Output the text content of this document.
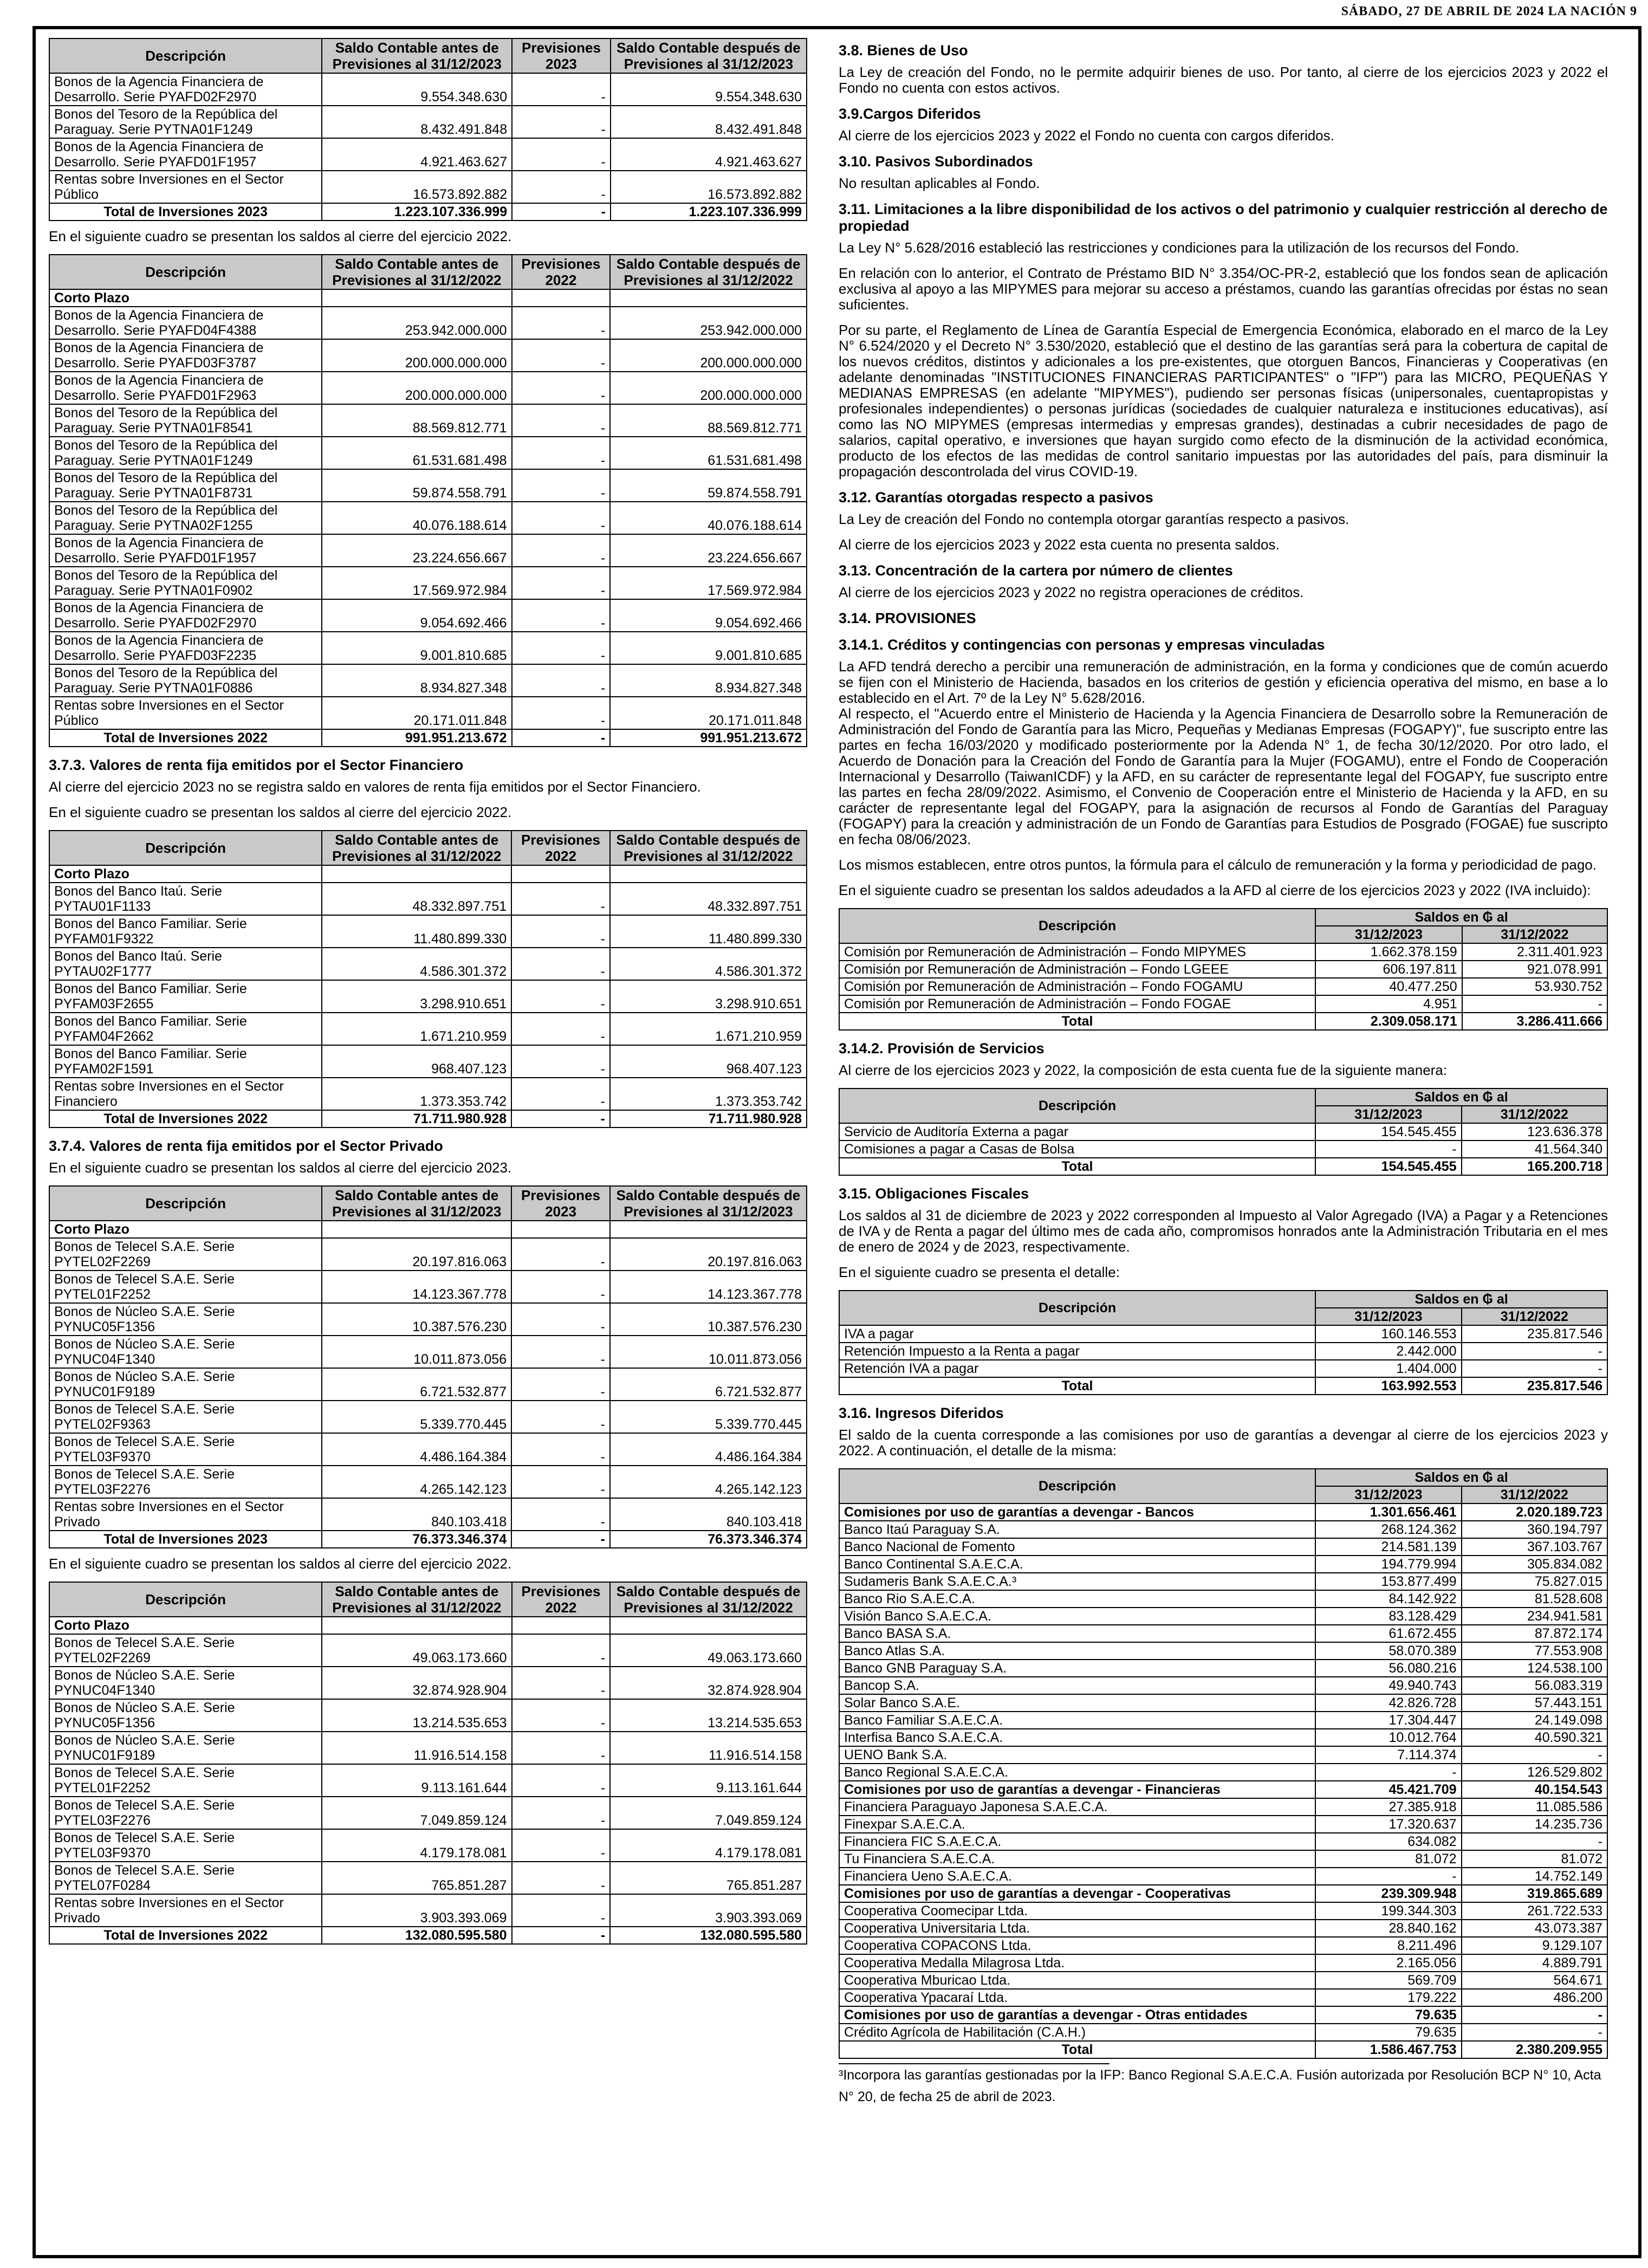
SÁBADO, 27 DE ABRIL DE 2024 LA NACIÓN 9
Descripción	Saldo Contable antes de Previsiones al 31/12/2023	Previsiones 2023	Saldo Contable después de Previsiones al 31/12/2023
Bonos de la Agencia Financiera de Desarrollo. Serie PYAFD02F2970	9.554.348.630	-	9.554.348.630
Bonos del Tesoro de la República del Paraguay. Serie PYTNA01F1249	8.432.491.848	-	8.432.491.848
Bonos de la Agencia Financiera de Desarrollo. Serie PYAFD01F1957	4.921.463.627	-	4.921.463.627
Rentas sobre Inversiones en el Sector Público	16.573.892.882	-	16.573.892.882
Total de Inversiones 2023	1.223.107.336.999	-	1.223.107.336.999

En el siguiente cuadro se presentan los saldos al cierre del ejercicio 2022.

Descripción	Saldo Contable antes de Previsiones al 31/12/2022	Previsiones 2022	Saldo Contable después de Previsiones al 31/12/2022
Corto Plazo			
Bonos de la Agencia Financiera de Desarrollo. Serie PYAFD04F4388	253.942.000.000	-	253.942.000.000
Bonos de la Agencia Financiera de Desarrollo. Serie PYAFD03F3787	200.000.000.000	-	200.000.000.000
Bonos de la Agencia Financiera de Desarrollo. Serie PYAFD01F2963	200.000.000.000	-	200.000.000.000
Bonos del Tesoro de la República del Paraguay. Serie PYTNA01F8541	88.569.812.771	-	88.569.812.771
Bonos del Tesoro de la República del Paraguay. Serie PYTNA01F1249	61.531.681.498	-	61.531.681.498
Bonos del Tesoro de la República del Paraguay. Serie PYTNA01F8731	59.874.558.791	-	59.874.558.791
Bonos del Tesoro de la República del Paraguay. Serie PYTNA02F1255	40.076.188.614	-	40.076.188.614
Bonos de la Agencia Financiera de Desarrollo. Serie PYAFD01F1957	23.224.656.667	-	23.224.656.667
Bonos del Tesoro de la República del Paraguay. Serie PYTNA01F0902	17.569.972.984	-	17.569.972.984
Bonos de la Agencia Financiera de Desarrollo. Serie PYAFD02F2970	9.054.692.466	-	9.054.692.466
Bonos de la Agencia Financiera de Desarrollo. Serie PYAFD03F2235	9.001.810.685	-	9.001.810.685
Bonos del Tesoro de la República del Paraguay. Serie PYTNA01F0886	8.934.827.348	-	8.934.827.348
Rentas sobre Inversiones en el Sector Público	20.171.011.848	-	20.171.011.848
Total de Inversiones 2022	991.951.213.672	-	991.951.213.672
3.7.3. Valores de renta fija emitidos por el Sector Financiero

Al cierre del ejercicio 2023 no se registra saldo en valores de renta fija emitidos por el Sector Financiero.

En el siguiente cuadro se presentan los saldos al cierre del ejercicio 2022.

Descripción	Saldo Contable antes de Previsiones al 31/12/2022	Previsiones 2022	Saldo Contable después de Previsiones al 31/12/2022
Corto Plazo			
Bonos del Banco Itaú. Serie PYTAU01F1133	48.332.897.751	-	48.332.897.751
Bonos del Banco Familiar. Serie PYFAM01F9322	11.480.899.330	-	11.480.899.330
Bonos del Banco Itaú. Serie PYTAU02F1777	4.586.301.372	-	4.586.301.372
Bonos del Banco Familiar. Serie PYFAM03F2655	3.298.910.651	-	3.298.910.651
Bonos del Banco Familiar. Serie PYFAM04F2662	1.671.210.959	-	1.671.210.959
Bonos del Banco Familiar. Serie PYFAM02F1591	968.407.123	-	968.407.123
Rentas sobre Inversiones en el Sector Financiero	1.373.353.742	-	1.373.353.742
Total de Inversiones 2022	71.711.980.928	-	71.711.980.928
3.7.4. Valores de renta fija emitidos por el Sector Privado

En el siguiente cuadro se presentan los saldos al cierre del ejercicio 2023.

Descripción	Saldo Contable antes de Previsiones al 31/12/2023	Previsiones 2023	Saldo Contable después de Previsiones al 31/12/2023
Corto Plazo			
Bonos de Telecel S.A.E. Serie PYTEL02F2269	20.197.816.063	-	20.197.816.063
Bonos de Telecel S.A.E. Serie PYTEL01F2252	14.123.367.778	-	14.123.367.778
Bonos de Núcleo S.A.E. Serie PYNUC05F1356	10.387.576.230	-	10.387.576.230
Bonos de Núcleo S.A.E. Serie PYNUC04F1340	10.011.873.056	-	10.011.873.056
Bonos de Núcleo S.A.E. Serie PYNUC01F9189	6.721.532.877	-	6.721.532.877
Bonos de Telecel S.A.E. Serie PYTEL02F9363	5.339.770.445	-	5.339.770.445
Bonos de Telecel S.A.E. Serie PYTEL03F9370	4.486.164.384	-	4.486.164.384
Bonos de Telecel S.A.E. Serie PYTEL03F2276	4.265.142.123	-	4.265.142.123
Rentas sobre Inversiones en el Sector Privado	840.103.418	-	840.103.418
Total de Inversiones 2023	76.373.346.374	-	76.373.346.374

En el siguiente cuadro se presentan los saldos al cierre del ejercicio 2022.

Descripción	Saldo Contable antes de Previsiones al 31/12/2022	Previsiones 2022	Saldo Contable después de Previsiones al 31/12/2022
Corto Plazo			
Bonos de Telecel S.A.E. Serie PYTEL02F2269	49.063.173.660	-	49.063.173.660
Bonos de Núcleo S.A.E. Serie PYNUC04F1340	32.874.928.904	-	32.874.928.904
Bonos de Núcleo S.A.E. Serie PYNUC05F1356	13.214.535.653	-	13.214.535.653
Bonos de Núcleo S.A.E. Serie PYNUC01F9189	11.916.514.158	-	11.916.514.158
Bonos de Telecel S.A.E. Serie PYTEL01F2252	9.113.161.644	-	9.113.161.644
Bonos de Telecel S.A.E. Serie PYTEL03F2276	7.049.859.124	-	7.049.859.124
Bonos de Telecel S.A.E. Serie PYTEL03F9370	4.179.178.081	-	4.179.178.081
Bonos de Telecel S.A.E. Serie PYTEL07F0284	765.851.287	-	765.851.287
Rentas sobre Inversiones en el Sector Privado	3.903.393.069	-	3.903.393.069
Total de Inversiones 2022	132.080.595.580	-	132.080.595.580
3.8. Bienes de Uso

La Ley de creación del Fondo, no le permite adquirir bienes de uso. Por tanto, al cierre de los ejercicios 2023 y 2022 el Fondo no cuenta con estos activos.

3.9.Cargos Diferidos

Al cierre de los ejercicios 2023 y 2022 el Fondo no cuenta con cargos diferidos.

3.10. Pasivos Subordinados

No resultan aplicables al Fondo.

3.11. Limitaciones a la libre disponibilidad de los activos o del patrimonio y cualquier restricción al derecho de propiedad

La Ley N° 5.628/2016 estableció las restricciones y condiciones para la utilización de los recursos del Fondo.

En relación con lo anterior, el Contrato de Préstamo BID N° 3.354/OC-PR-2, estableció que los fondos sean de aplicación exclusiva al apoyo a las MIPYMES para mejorar su acceso a préstamos, cuando las garantías ofrecidas por éstas no sean suficientes.

Por su parte, el Reglamento de Línea de Garantía Especial de Emergencia Económica, elaborado en el marco de la Ley N° 6.524/2020 y el Decreto N° 3.530/2020, estableció que el destino de las garantías será para la cobertura de capital de los nuevos créditos, distintos y adicionales a los pre-existentes, que otorguen Bancos, Financieras y Cooperativas (en adelante denominadas "INSTITUCIONES FINANCIERAS PARTICIPANTES" o "IFP") para las MICRO, PEQUEÑAS Y MEDIANAS EMPRESAS (en adelante "MIPYMES"), pudiendo ser personas físicas (unipersonales, cuentapropistas y profesionales independientes) o personas jurídicas (sociedades de cualquier naturaleza e instituciones educativas), así como las NO MIPYMES (empresas intermedias y empresas grandes), destinadas a cubrir necesidades de pago de salarios, capital operativo, e inversiones que hayan surgido como efecto de la disminución de la actividad económica, producto de los efectos de las medidas de control sanitario impuestas por las autoridades del país, para disminuir la propagación descontrolada del virus COVID-19.

3.12. Garantías otorgadas respecto a pasivos

La Ley de creación del Fondo no contempla otorgar garantías respecto a pasivos.

Al cierre de los ejercicios 2023 y 2022 esta cuenta no presenta saldos.

3.13. Concentración de la cartera por número de clientes

Al cierre de los ejercicios 2023 y 2022 no registra operaciones de créditos.

3.14. PROVISIONES
3.14.1. Créditos y contingencias con personas y empresas vinculadas

La AFD tendrá derecho a percibir una remuneración de administración, en la forma y condiciones que de común acuerdo se fijen con el Ministerio de Hacienda, basados en los criterios de gestión y eficiencia operativa del mismo, en base a lo establecido en el Art. 7º de la Ley N° 5.628/2016.

Al respecto, el "Acuerdo entre el Ministerio de Hacienda y la Agencia Financiera de Desarrollo sobre la Remuneración de Administración del Fondo de Garantía para las Micro, Pequeñas y Medianas Empresas (FOGAPY)", fue suscripto entre las partes en fecha 16/03/2020 y modificado posteriormente por la Adenda N° 1, de fecha 30/12/2020. Por otro lado, el Acuerdo de Donación para la Creación del Fondo de Garantía para la Mujer (FOGAMU), entre el Fondo de Cooperación Internacional y Desarrollo (TaiwanICDF) y la AFD, en su carácter de representante legal del FOGAPY, fue suscripto entre las partes en fecha 28/09/2022. Asimismo, el Convenio de Cooperación entre el Ministerio de Hacienda y la AFD, en su carácter de representante legal del FOGAPY, para la asignación de recursos al Fondo de Garantías del Paraguay (FOGAPY) para la creación y administración de un Fondo de Garantías para Estudios de Posgrado (FOGAE) fue suscripto en fecha 08/06/2023.

Los mismos establecen, entre otros puntos, la fórmula para el cálculo de remuneración y la forma y periodicidad de pago.

En el siguiente cuadro se presentan los saldos adeudados a la AFD al cierre de los ejercicios 2023 y 2022 (IVA incluido):

Descripción	Saldos en ₲ al	
	31/12/2023	31/12/2022
Comisión por Remuneración de Administración – Fondo MIPYMES	1.662.378.159	2.311.401.923
Comisión por Remuneración de Administración – Fondo LGEEE	606.197.811	921.078.991
Comisión por Remuneración de Administración – Fondo FOGAMU	40.477.250	53.930.752
Comisión por Remuneración de Administración – Fondo FOGAE	4.951	-
Total	2.309.058.171	3.286.411.666
3.14.2. Provisión de Servicios

Al cierre de los ejercicios 2023 y 2022, la composición de esta cuenta fue de la siguiente manera:

Descripción	Saldos en ₲ al	
	31/12/2023	31/12/2022
Servicio de Auditoría Externa a pagar	154.545.455	123.636.378
Comisiones a pagar a Casas de Bolsa	-	41.564.340
Total	154.545.455	165.200.718
3.15. Obligaciones Fiscales

Los saldos al 31 de diciembre de 2023 y 2022 corresponden al Impuesto al Valor Agregado (IVA) a Pagar y a Retenciones de IVA y de Renta a pagar del último mes de cada año, compromisos honrados ante la Administración Tributaria en el mes de enero de 2024 y de 2023, respectivamente.

En el siguiente cuadro se presenta el detalle:

Descripción	Saldos en ₲ al	
	31/12/2023	31/12/2022
IVA a pagar	160.146.553	235.817.546
Retención Impuesto a la Renta a pagar	2.442.000	-
Retención IVA a pagar	1.404.000	-
Total	163.992.553	235.817.546
3.16. Ingresos Diferidos

El saldo de la cuenta corresponde a las comisiones por uso de garantías a devengar al cierre de los ejercicios 2023 y 2022. A continuación, el detalle de la misma:

Descripción	Saldos en ₲ al	
	31/12/2023	31/12/2022
Comisiones por uso de garantías a devengar - Bancos	1.301.656.461	2.020.189.723
Banco Itaú Paraguay S.A.	268.124.362	360.194.797
Banco Nacional de Fomento	214.581.139	367.103.767
Banco Continental S.A.E.C.A.	194.779.994	305.834.082
Sudameris Bank S.A.E.C.A.³	153.877.499	75.827.015
Banco Rio S.A.E.C.A.	84.142.922	81.528.608
Visión Banco S.A.E.C.A.	83.128.429	234.941.581
Banco BASA S.A.	61.672.455	87.872.174
Banco Atlas S.A.	58.070.389	77.553.908
Banco GNB Paraguay S.A.	56.080.216	124.538.100
Bancop S.A.	49.940.743	56.083.319
Solar Banco S.A.E.	42.826.728	57.443.151
Banco Familiar S.A.E.C.A.	17.304.447	24.149.098
Interfisa Banco S.A.E.C.A.	10.012.764	40.590.321
UENO Bank S.A.	7.114.374	-
Banco Regional S.A.E.C.A.	-	126.529.802
Comisiones por uso de garantías a devengar - Financieras	45.421.709	40.154.543
Financiera Paraguayo Japonesa S.A.E.C.A.	27.385.918	11.085.586
Finexpar S.A.E.C.A.	17.320.637	14.235.736
Financiera FIC S.A.E.C.A.	634.082	-
Tu Financiera S.A.E.C.A.	81.072	81.072
Financiera Ueno S.A.E.C.A.	-	14.752.149
Comisiones por uso de garantías a devengar - Cooperativas	239.309.948	319.865.689
Cooperativa Coomecipar Ltda.	199.344.303	261.722.533
Cooperativa Universitaria Ltda.	28.840.162	43.073.387
Cooperativa COPACONS Ltda.	8.211.496	9.129.107
Cooperativa Medalla Milagrosa Ltda.	2.165.056	4.889.791
Cooperativa Mburicao Ltda.	569.709	564.671
Cooperativa Ypacaraí Ltda.	179.222	486.200
Comisiones por uso de garantías a devengar - Otras entidades	79.635	-
Crédito Agrícola de Habilitación (C.A.H.)	79.635	-
Total	1.586.467.753	2.380.209.955
³Incorpora las garantías gestionadas por la IFP: Banco Regional S.A.E.C.A. Fusión autorizada por Resolución BCP N° 10, Acta N° 20, de fecha 25 de abril de 2023.
